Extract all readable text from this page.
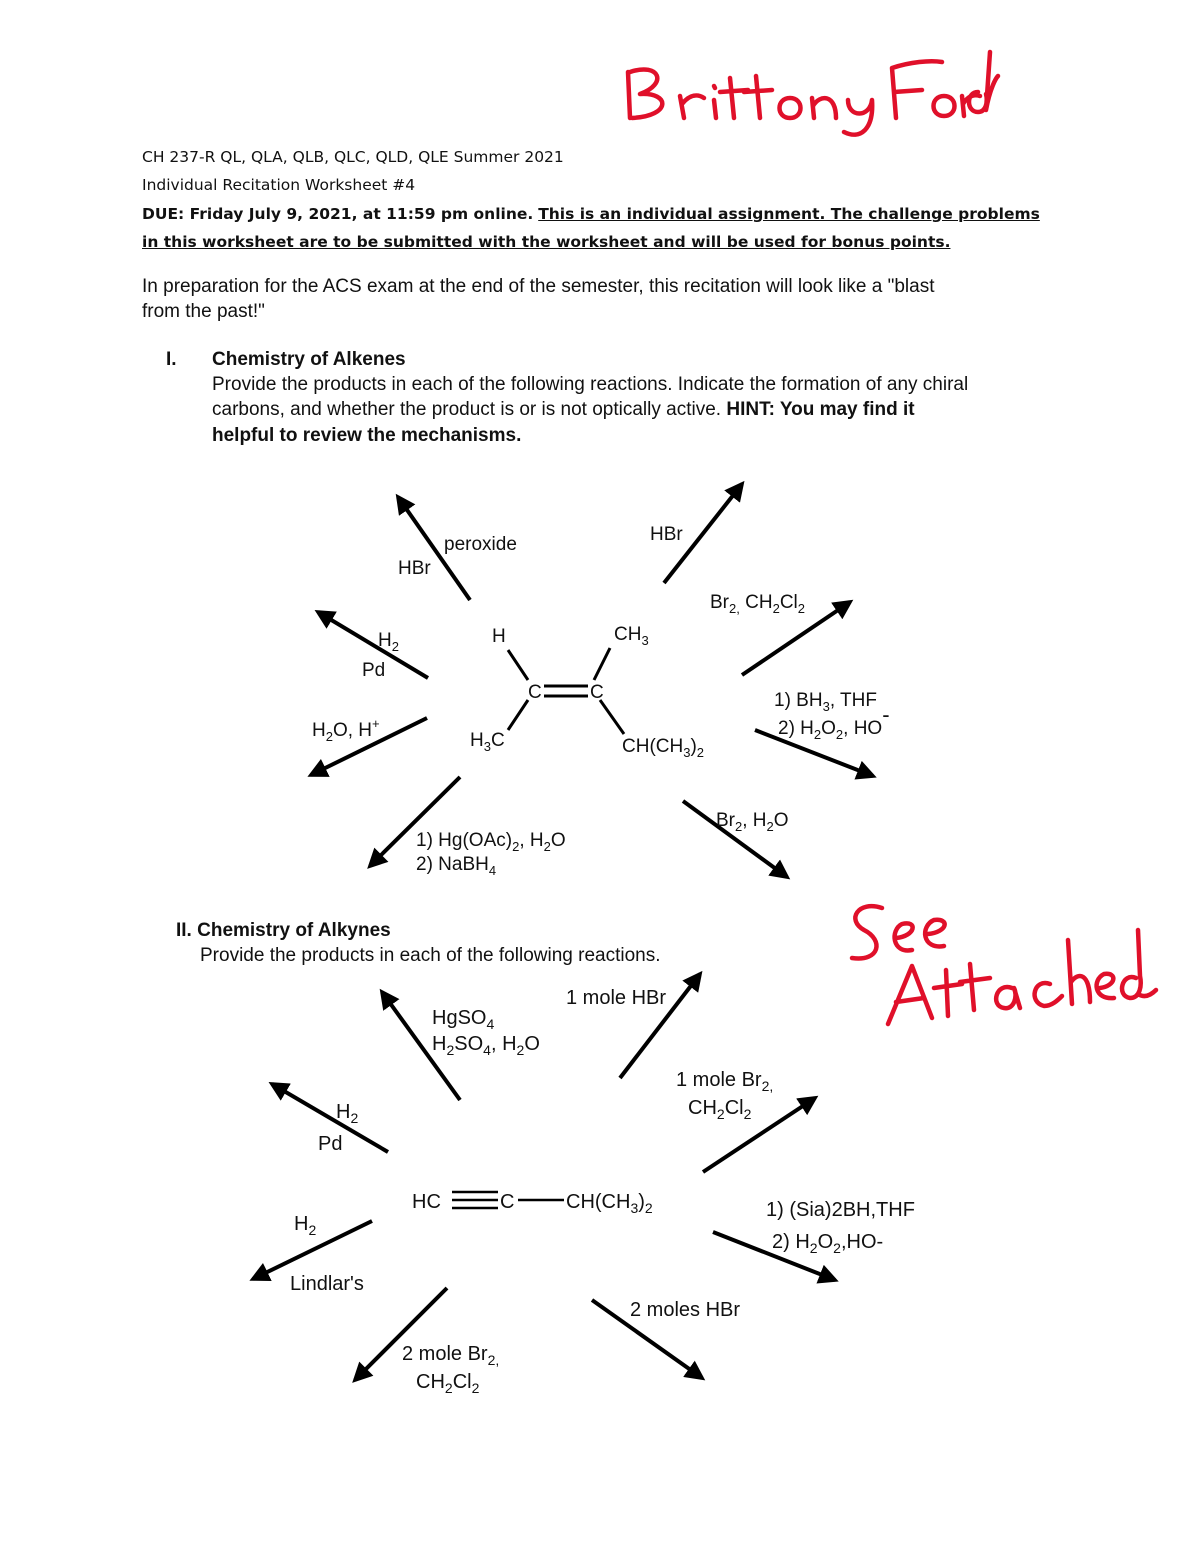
CH 237-R QL, QLA, QLB, QLC, QLD, QLE Summer 2021
Individual Recitation Worksheet #4
DUE: Friday July 9, 2021, at 11:59 pm online. This is an individual assignment. The challenge problems
in this worksheet are to be submitted with the worksheet and will be used for bonus points.
In preparation for the ACS exam at the end of the semester, this recitation will look like a "blast
from the past!"
I. Chemistry of Alkenes
Provide the products in each of the following reactions. Indicate the formation of any chiral
carbons, and whether the product is or is not optically active. HINT: You may find it
helpful to review the mechanisms.
II. Chemistry of Alkynes
Provide the products in each of the following reactions.
H	$CH_3$
C	C
$H_3C$	$CH(CH_3)_2$
peroxide
HBr
HBr
$Br_{2,}$ $CH_2Cl_2$
$H_2$
Pd
$H_2O$, H+
1) $BH_3$, THF
2) $H_2O_2$, HO-
$Br_2$, $H_2O$
1) $Hg(OAc)_2$, $H_2O$
2) NaBH$_4$
HC	C	$CH(CH_3)_2$
HgSO$_4$
$H_2SO_4$, $H_2O$
1 mole HBr
1 mole $Br_{2,}$
$CH_2Cl_2$
$H_2$
Pd
1) (Sia)2BH,THF
2) $H_2O_2,HO-$
$H_2$
Lindlar's
2 moles HBr
2 mole $Br_{2,}$
$CH_2Cl_2$
